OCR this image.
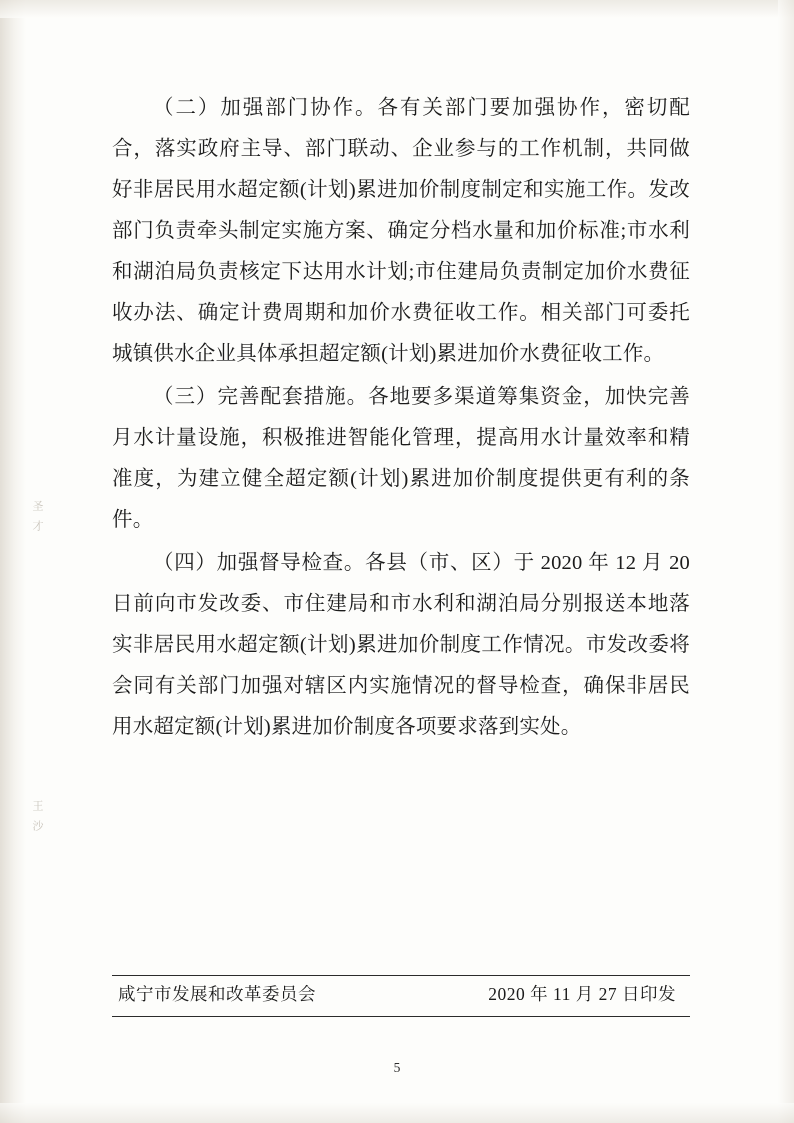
圣 才
王 沙

（二）加强部门协作。各有关部门要加强协作，密切配合，落实政府主导、部门联动、企业参与的工作机制，共同做好非居民用水超定额(计划)累进加价制度制定和实施工作。发改部门负责牵头制定实施方案、确定分档水量和加价标准;市水利和湖泊局负责核定下达用水计划;市住建局负责制定加价水费征收办法、确定计费周期和加价水费征收工作。相关部门可委托城镇供水企业具体承担超定额(计划)累进加价水费征收工作。

（三）完善配套措施。各地要多渠道筹集资金，加快完善月水计量设施，积极推进智能化管理，提高用水计量效率和精准度，为建立健全超定额(计划)累进加价制度提供更有利的条件。

（四）加强督导检查。各县（市、区）于 2020 年 12 月 20 日前向市发改委、市住建局和市水利和湖泊局分别报送本地落实非居民用水超定额(计划)累进加价制度工作情况。市发改委将会同有关部门加强对辖区内实施情况的督导检查，确保非居民用水超定额(计划)累进加价制度各项要求落到实处。

咸宁市发展和改革委员会	2020 年 11 月 27 日印发
5
